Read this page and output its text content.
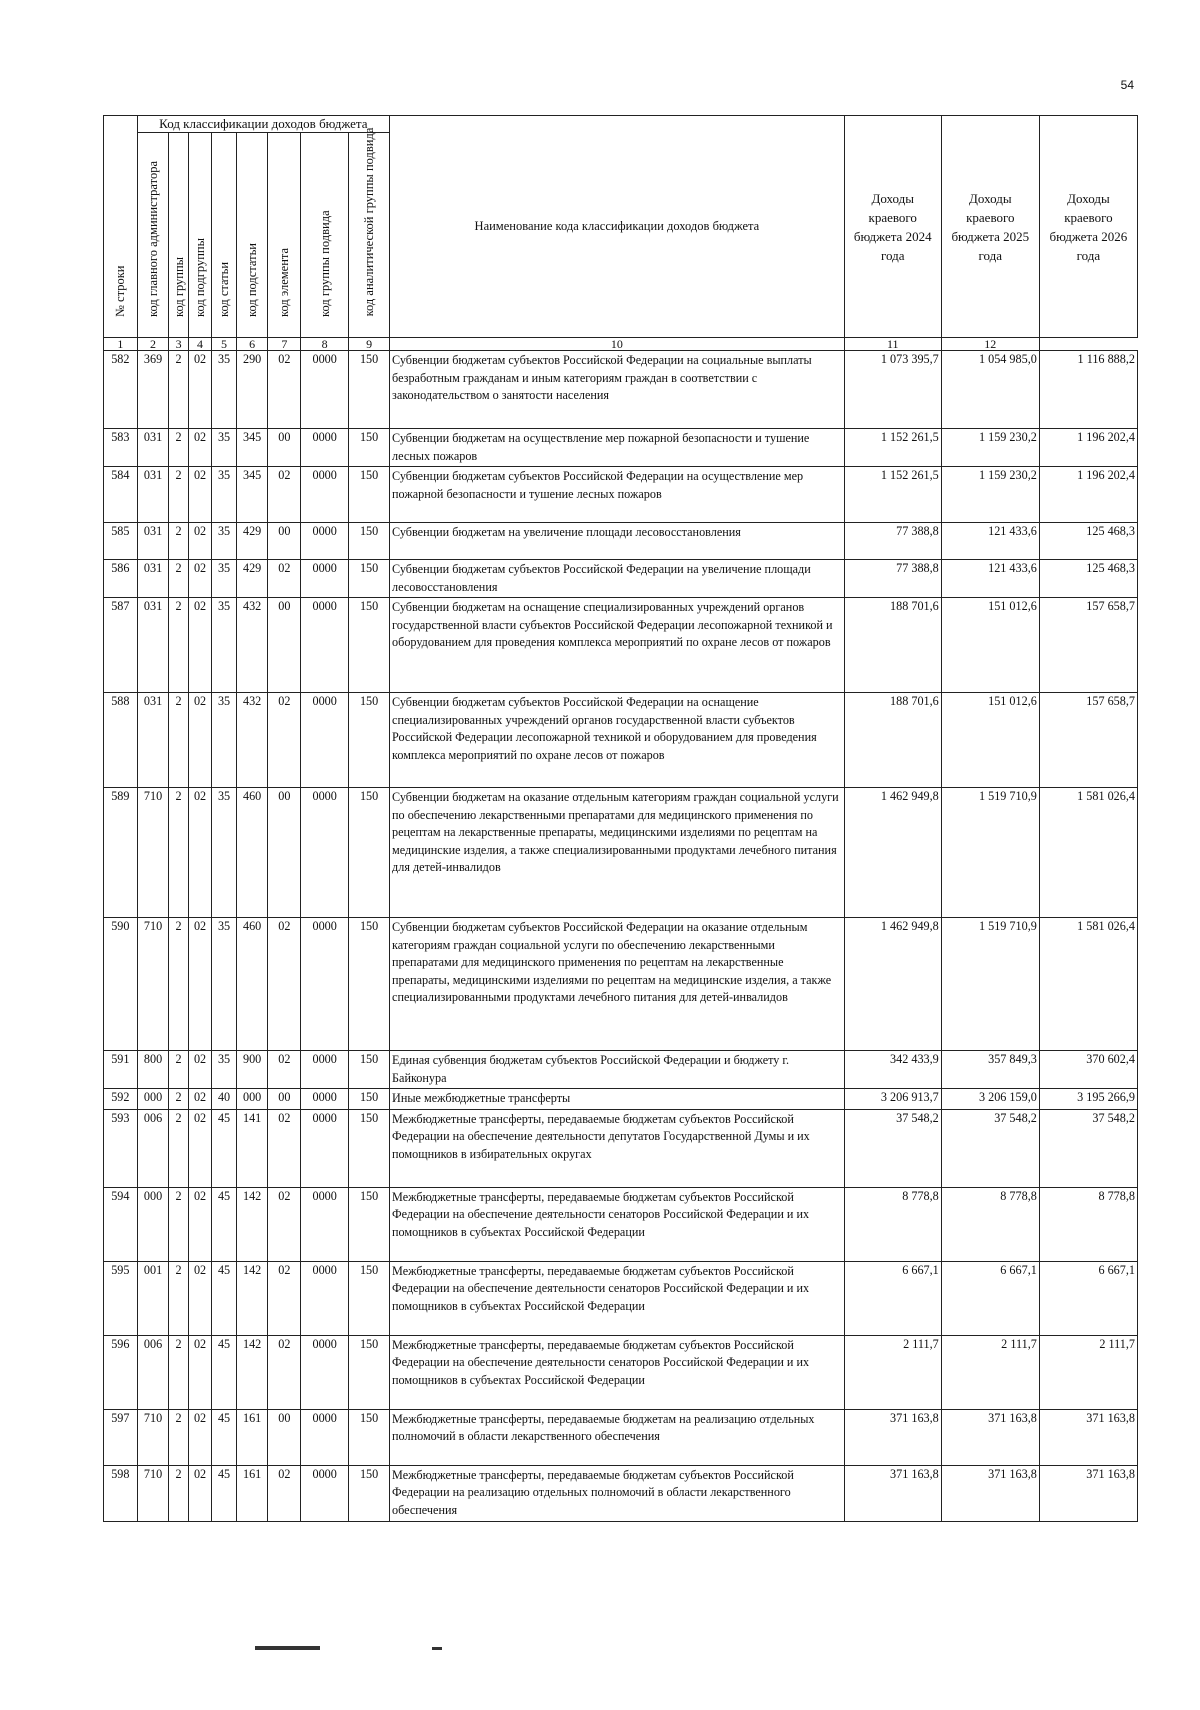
54
№ строки	Код классификации доходов бюджета								Наименование кода классификации доходов бюджета	Доходы краевого бюджета 2024 года	Доходы краевого бюджета 2025 года	Доходы краевого бюджета 2026 года

	код главного администратора	код группы	код подгруппы	код статьи	код подстатьи	код элемента	код группы подвида	код аналитической группы подвида				

1	2	3	4	5	6	7	8	9	10	11	12	
582	369	2	02	35	290	02	0000	150	Субвенции бюджетам субъектов Российской Федерации на социальные выплаты безработным гражданам и иным категориям граждан в соответствии с законодательством о занятости населения	1 073 395,7	1 054 985,0	1 116 888,2
583	031	2	02	35	345	00	0000	150	Субвенции бюджетам на осуществление мер пожарной безопасности и тушение лесных пожаров	1 152 261,5	1 159 230,2	1 196 202,4
584	031	2	02	35	345	02	0000	150	Субвенции бюджетам субъектов Российской Федерации на осуществление мер пожарной безопасности и тушение лесных пожаров	1 152 261,5	1 159 230,2	1 196 202,4
585	031	2	02	35	429	00	0000	150	Субвенции бюджетам на увеличение площади лесовосстановления	77 388,8	121 433,6	125 468,3
586	031	2	02	35	429	02	0000	150	Субвенции бюджетам субъектов Российской Федерации на увеличение площади лесовосстановления	77 388,8	121 433,6	125 468,3
587	031	2	02	35	432	00	0000	150	Субвенции бюджетам на оснащение специализированных учреждений органов государственной власти субъектов Российской Федерации лесопожарной техникой и оборудованием для проведения комплекса мероприятий по охране лесов от пожаров	188 701,6	151 012,6	157 658,7
588	031	2	02	35	432	02	0000	150	Субвенции бюджетам субъектов Российской Федерации на оснащение специализированных учреждений органов государственной власти субъектов Российской Федерации лесопожарной техникой и оборудованием для проведения комплекса мероприятий по охране лесов от пожаров	188 701,6	151 012,6	157 658,7
589	710	2	02	35	460	00	0000	150	Субвенции бюджетам на оказание отдельным категориям граждан социальной услуги по обеспечению лекарственными препаратами для медицинского применения по рецептам на лекарственные препараты, медицинскими изделиями по рецептам на медицинские изделия, а также специализированными продуктами лечебного питания для детей-инвалидов	1 462 949,8	1 519 710,9	1 581 026,4
590	710	2	02	35	460	02	0000	150	Субвенции бюджетам субъектов Российской Федерации на оказание отдельным категориям граждан социальной услуги по обеспечению лекарственными препаратами для медицинского применения по рецептам на лекарственные препараты, медицинскими изделиями по рецептам на медицинские изделия, а также специализированными продуктами лечебного питания для детей-инвалидов	1 462 949,8	1 519 710,9	1 581 026,4
591	800	2	02	35	900	02	0000	150	Единая субвенция бюджетам субъектов Российской Федерации и бюджету г. Байконура	342 433,9	357 849,3	370 602,4
592	000	2	02	40	000	00	0000	150	Иные межбюджетные трансферты	3 206 913,7	3 206 159,0	3 195 266,9
593	006	2	02	45	141	02	0000	150	Межбюджетные трансферты, передаваемые бюджетам субъектов Российской Федерации на обеспечение деятельности депутатов Государственной Думы и их помощников в избирательных округах	37 548,2	37 548,2	37 548,2
594	000	2	02	45	142	02	0000	150	Межбюджетные трансферты, передаваемые бюджетам субъектов Российской Федерации на обеспечение деятельности сенаторов Российской Федерации и их помощников в субъектах Российской Федерации	8 778,8	8 778,8	8 778,8
595	001	2	02	45	142	02	0000	150	Межбюджетные трансферты, передаваемые бюджетам субъектов Российской Федерации на обеспечение деятельности сенаторов Российской Федерации и их помощников в субъектах Российской Федерации	6 667,1	6 667,1	6 667,1
596	006	2	02	45	142	02	0000	150	Межбюджетные трансферты, передаваемые бюджетам субъектов Российской Федерации на обеспечение деятельности сенаторов Российской Федерации и их помощников в субъектах Российской Федерации	2 111,7	2 111,7	2 111,7
597	710	2	02	45	161	00	0000	150	Межбюджетные трансферты, передаваемые бюджетам на реализацию отдельных полномочий в области лекарственного обеспечения	371 163,8	371 163,8	371 163,8
598	710	2	02	45	161	02	0000	150	Межбюджетные трансферты, передаваемые бюджетам субъектов Российской Федерации на реализацию отдельных полномочий в области лекарственного обеспечения	371 163,8	371 163,8	371 163,8
